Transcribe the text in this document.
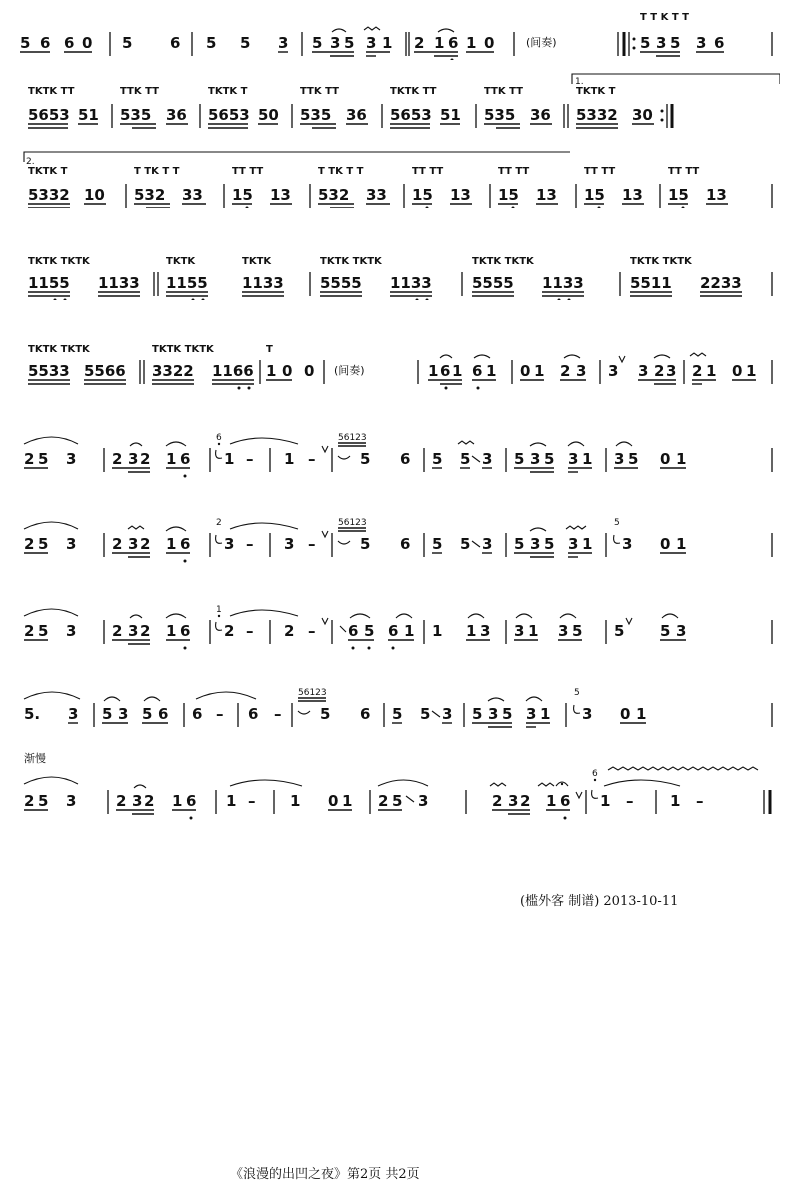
5 6 6 0 5	6 5 5 3 5 3 5 3 1 2 1 6 1 0	(间奏)
T T K T T
5 3 5 3 6
TKTK TT
5653 51
TTK TT
535 36
TKTK T
5653 50
TTK TT
535 36
TKTK TT
5653 51
TTK TT
535 36
1.
TKTK T
5332 30
2.
TKTK T
5332 10
T TK T T
532 33
TT TT
15 13
T TK T T
532 33
TT TT
15 13
TT TT
15 13
TT TT
15 13
TT TT
15 13
TKTK TKTK
1155 1133
TKTK	TKTK
1155 1133
TKTK TKTK
5555 1133
TKTK TKTK
5555 1133
TKTK TKTK
5511 2233
TKTK TKTK
5533 5566
TKTK TKTK
3322 1166
T
1 0 0 (间奏)	1 6 1 6 1 0 1 2 3 3 3 2 3 2 1 0 1
2 5 3 2 3 2 1 6
6
1 – 1 –
56123
5 6 5 5 3 5 3 5 3 1 3 5 0 1
2 5 3 2 3 2 1 6
2
3 – 3 –
56123
5 6 5 5 3 5 3 5 3 1
5
3 0 1
2 5 3 2 3 2 1 6
1
2 – 2 – 6 5 6 1 1 1 3 3 1 3 5 5 5 3
5. 3 5 3 5 6 6 – 6 –
56123
5 6 5 5 3 5 3 5 3 1
5
3 0 1
渐慢
2 5 3	2 3 2 1 6 1 – 1 0 1 2 5 3	2 3 2 1 6
6
1 – 1 –
(槛外客 制谱) 2013-10-11
《浪漫的出凹之夜》第2页 共2页
